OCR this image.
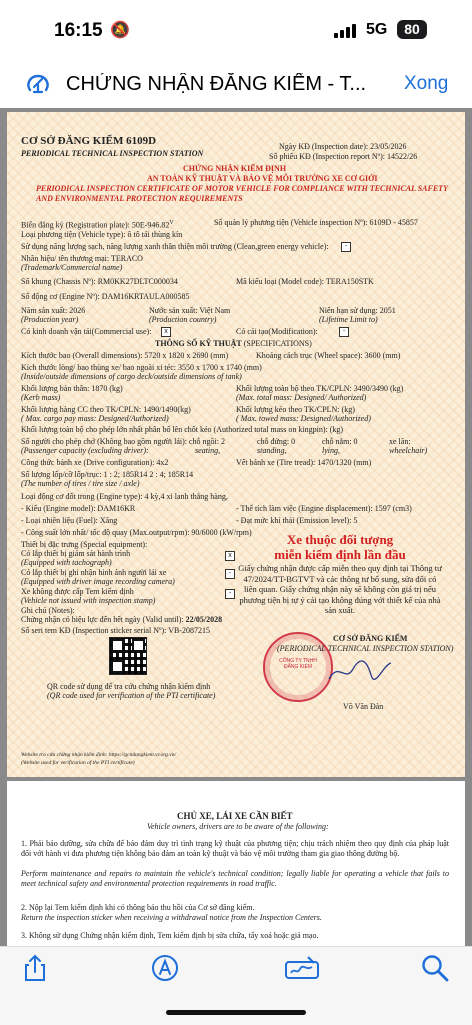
16:15 🔕	5G	80
CHỨNG NHẬN ĐĂNG KIỂM - T...	Xong
CƠ SỞ ĐĂNG KIỂM 6109D
PERIODICAL TECHNICAL INSPECTION STATION
Ngày KĐ (Inspection date): 23/05/2026
Số phiếu KĐ (Inspection report Nº): 14522/26
CHỨNG NHẬN KIỂM ĐỊNH
AN TOÀN KỸ THUẬT VÀ BẢO VỆ MÔI TRƯỜNG XE CƠ GIỚI
PERIODICAL INSPECTION CERTIFICATE OF MOTOR VEHICLE FOR COMPLIANCE WITH TECHNICAL SAFETY
AND ENVIRONMENTAL PROTECTION REQUIREMENTS
Biển đăng ký (Registration plate): $50E-946.82^V$	Số quản lý phương tiện (Vehicle inspection Nº): 6109D - 45857
Loại phương tiện (Vehicle type): ô tô tải thùng kín
Sử dụng năng lượng sạch, năng lượng xanh thân thiện môi trường (Clean,green energy vehicle):	-
Nhãn hiệu/ tên thương mại: TERACO
(Trademark/Commercial name)
Số khung (Chassis Nº): RM0KK27DLTC000034	Mã kiểu loại (Model code): TERA150STK
Số động cơ (Engine Nº): DAM16KRTAULA000585
Năm sản xuất: 2026
(Production year)
Nước sản xuất: Việt Nam
(Production country)
Niên hạn sử dụng: 2051
(Lifetime Limit to)
Có kinh doanh vận tải(Commercial use):	x	Có cải tạo(Modification):	-
THÔNG SỐ KỸ THUẬT (SPECIFICATIONS)
Kích thước bao (Overall dimensions): 5720 x 1820 x 2690 (mm)	Khoảng cách trục (Wheel space): 3600 (mm)
Kích thước lòng/ bao thùng xe/ bao ngoài xi téc: 3550 x 1700 x 1740 (mm)
(Inside/outside dimensions of cargo deck/outside dimensions of tank)
Khối lượng bản thân: 1870 (kg)
(Kerb mass)
Khối lượng toàn bộ theo TK/CPLN: 3490/3490 (kg)
(Max. total mass: Designed/ Authorized)
Khối lượng hàng CC theo TK/CPLN: 1490/1490(kg)
( Max. cargo pay mass: Designed/Authorized)
Khối lượng kéo theo TK/CPLN: (kg)
( Max. towed mass: Designed/Authorized)
Khối lượng toàn bộ cho phép lớn nhất phân bổ lên chốt kéo (Authorized total mass on kingpin): (kg)
Số người cho phép chở (Không bao gồm người lái): chỗ ngồi: 2
(Passenger capacity (excluding driver):	seating,
chỗ đứng: 0
standing,
chỗ nằm: 0
lying,
xe lăn:
wheelchair)
Công thức bánh xe (Drive configuration): 4x2	Vết bánh xe (Tire tread): 1470/1320 (mm)
Số lượng lốp/cỡ lốp/trục: 1 : 2; 185R14 2 : 4; 185R14
(The number of tires / tire size / axle)
Loại động cơ đốt trong (Engine type): 4 kỳ,4 xi lanh thẳng hàng,
- Kiểu (Engine model): DAM16KR	- Thể tích làm việc (Engine displacement): 1597 (cm3)
- Loại nhiên liệu (Fuel): Xăng	- Đạt mức khí thải (Emission level): 5
- Công suất lớn nhất/ tốc độ quay (Max.output/rpm): 90/6000 (kW/rpm)
Thiết bị đặc trưng (Special equipment):
Có lắp thiết bị giám sát hành trình
(Equipped with tachograph)
x
Có lắp thiết bị ghi nhận hình ảnh người lái xe
(Equipped with driver image recording camera)
-
Xe không được cấp Tem kiểm định
(Vehicle not issued with inspection stamp)
-
Ghi chú (Notes):
Chứng nhận có hiệu lực đến hết ngày (Valid until): 22/05/2028
Số seri tem KĐ (Inspection sticker serial Nº): VB-2087215
Xe thuộc đối tượng
miễn kiểm định lần đầu
Giấy chứng nhận được cấp miễn theo quy định tại Thông tư 47/2024/TT-BGTVT và các thông tư bổ sung, sửa đổi có liên quan. Giấy chứng nhận này sẽ không còn giá trị nếu phương tiện bị tự ý cải tạo không đúng với thiết kế của nhà sản xuất.
QR code sử dụng để tra cứu chứng nhận kiểm định
(QR code used for verification of the PTI certificate)
CÔNG TY TNHH
ĐĂNG KIỂM
CƠ SỞ ĐĂNG KIỂM
(PERIODICAL TECHNICAL INSPECTION STATION)
Võ Văn Đàn
Website tra cứu chứng nhận kiểm định: https://gcndangkiem.vr.org.vn/
(Website used for verification of the PTI certificate)
CHỦ XE, LÁI XE CẦN BIẾT
Vehicle owners, drivers are to be aware of the following:
1. Phải bảo dưỡng, sửa chữa để bảo đảm duy trì tình trạng kỹ thuật của phương tiện; chịu trách nhiệm theo quy định của pháp luật đối với hành vi đưa phương tiện không bảo đảm an toàn kỹ thuật và bảo vệ môi trường tham gia giao thông đường bộ.
Perform maintenance and repairs to maintain the vehicle's technical condition; legally liable for operating a vehicle that fails to meet technical safety and environmental protection requirements in road traffic.
2. Nộp lại Tem kiểm định khi có thông báo thu hồi của Cơ sở đăng kiểm.
Return the inspection sticker when receiving a withdrawal notice from the Inspection Centers.
3. Không sử dụng Chứng nhận kiểm định, Tem kiểm định bị sửa chữa, tẩy xoá hoặc giả mạo.
